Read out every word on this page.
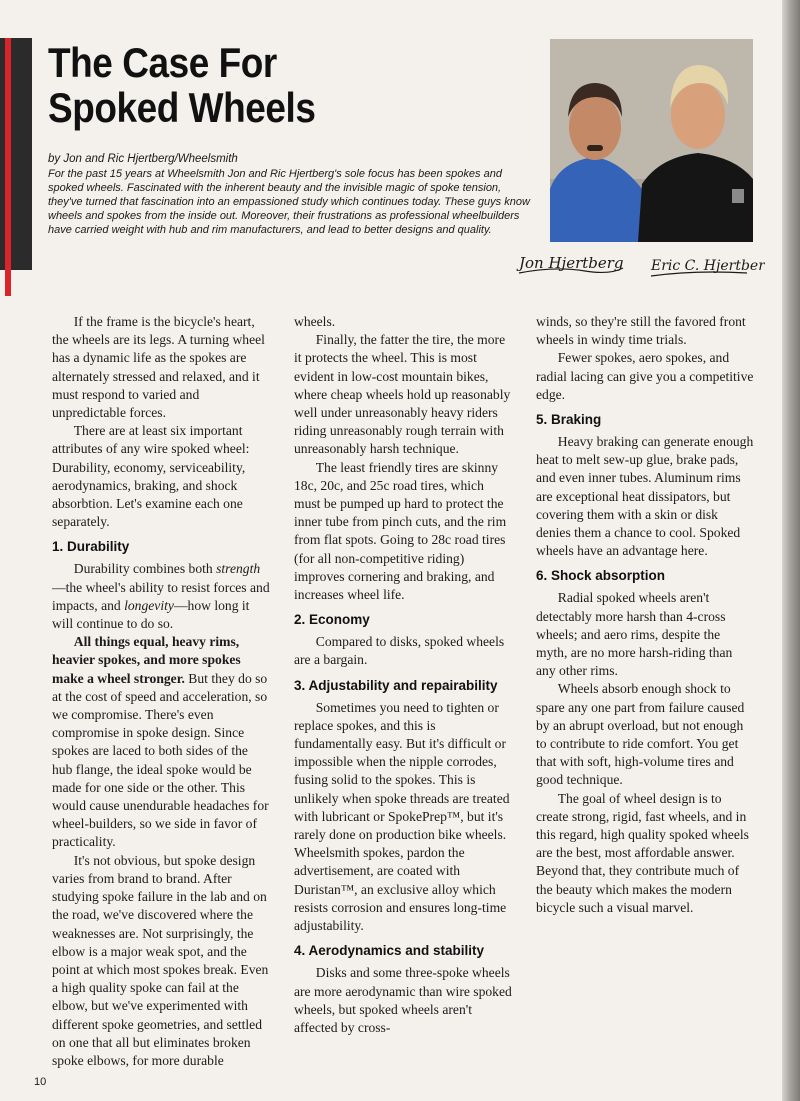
The Case For
Spoked Wheels

by Jon and Ric Hjertberg/Wheelsmith

For the past 15 years at Wheelsmith Jon and Ric Hjertberg's sole focus has been spokes and spoked wheels. Fascinated with the inherent beauty and the invisible magic of spoke tension, they've turned that fascination into an empassioned study which continues today. These guys know wheels and spokes from the inside out. Moreover, their frustrations as professional wheelbuilders have carried weight with hub and rim manufacturers, and lead to better designs and quality.

Jon Hjertberg Eric C. Hjertberg

If the frame is the bicycle's heart, the wheels are its legs. A turning wheel has a dynamic life as the spokes are alternately stressed and relaxed, and it must respond to varied and unpredictable forces.

There are at least six important attributes of any wire spoked wheel: Durability, economy, serviceability, aerodynamics, braking, and shock absorbtion. Let's examine each one separately.

1. Durability

Durability combines both strength—the wheel's ability to resist forces and impacts, and longevity—how long it will continue to do so.

All things equal, heavy rims, heavier spokes, and more spokes make a wheel stronger. But they do so at the cost of speed and acceleration, so we compromise. There's even compromise in spoke design. Since spokes are laced to both sides of the hub flange, the ideal spoke would be made for one side or the other. This would cause unendurable headaches for wheel-builders, so we side in favor of practicality.

It's not obvious, but spoke design varies from brand to brand. After studying spoke failure in the lab and on the road, we've discovered where the weaknesses are. Not surprisingly, the elbow is a major weak spot, and the point at which most spokes break. Even a high quality spoke can fail at the elbow, but we've experimented with different spoke geometries, and settled on one that all but eliminates broken spoke elbows, for more durable

wheels.

Finally, the fatter the tire, the more it protects the wheel. This is most evident in low-cost mountain bikes, where cheap wheels hold up reasonably well under unreasonably heavy riders riding unreasonably rough terrain with unreasonably harsh technique.

The least friendly tires are skinny 18c, 20c, and 25c road tires, which must be pumped up hard to protect the inner tube from pinch cuts, and the rim from flat spots. Going to 28c road tires (for all non-competitive riding) improves cornering and braking, and increases wheel life.

2. Economy

Compared to disks, spoked wheels are a bargain.

3. Adjustability and repairability

Sometimes you need to tighten or replace spokes, and this is fundamentally easy. But it's difficult or impossible when the nipple corrodes, fusing solid to the spokes. This is unlikely when spoke threads are treated with lubricant or SpokePrep™, but it's rarely done on production bike wheels. Wheelsmith spokes, pardon the advertisement, are coated with Duristan™, an exclusive alloy which resists corrosion and ensures long-time adjustability.

4. Aerodynamics and stability

Disks and some three-spoke wheels are more aerodynamic than wire spoked wheels, but spoked wheels aren't affected by cross-

winds, so they're still the favored front wheels in windy time trials.

Fewer spokes, aero spokes, and radial lacing can give you a competitive edge.

5. Braking

Heavy braking can generate enough heat to melt sew-up glue, brake pads, and even inner tubes. Aluminum rims are exceptional heat dissipators, but covering them with a skin or disk denies them a chance to cool. Spoked wheels have an advantage here.

6. Shock absorption

Radial spoked wheels aren't detectably more harsh than 4-cross wheels; and aero rims, despite the myth, are no more harsh-riding than any other rims.

Wheels absorb enough shock to spare any one part from failure caused by an abrupt overload, but not enough to contribute to ride comfort. You get that with soft, high-volume tires and good technique.

The goal of wheel design is to create strong, rigid, fast wheels, and in this regard, high quality spoked wheels are the best, most affordable answer. Beyond that, they contribute much of the beauty which makes the modern bicycle such a visual marvel.

10
